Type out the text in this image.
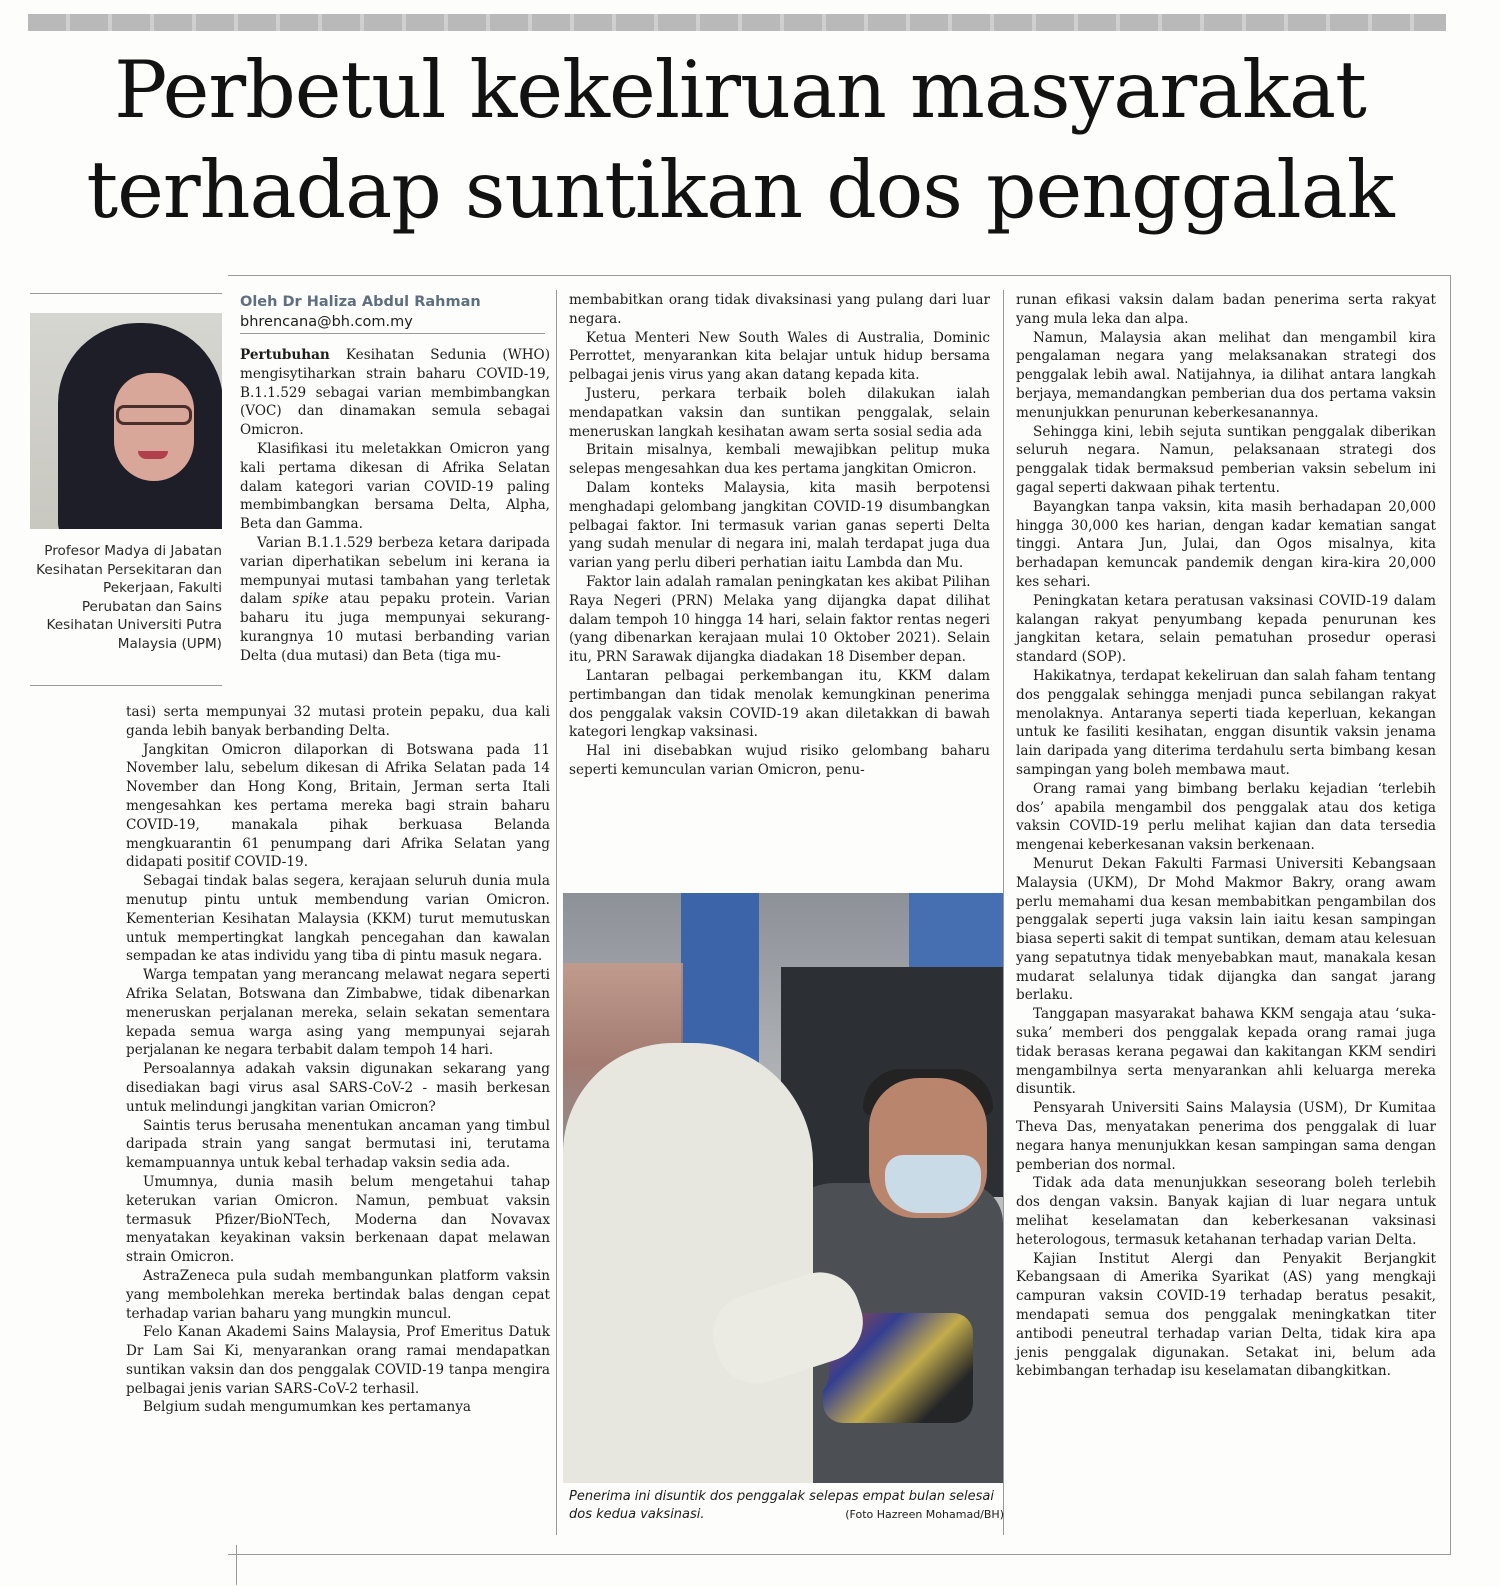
Perbetul kekeliruan masyarakat
terhadap suntikan dos penggalak

Profesor Madya di Jabatan Kesihatan Persekitaran dan Pekerjaan, Fakulti Perubatan dan Sains Kesihatan Universiti Putra Malaysia (UPM)

Oleh Dr Haliza Abdul Rahman
bhrencana@bh.com.my

Pertubuhan Kesihatan Sedunia (WHO) mengisytiharkan strain baharu COVID-19, B.1.1.529 sebagai varian membimbangkan (VOC) dan dinamakan semula sebagai Omicron.

Klasifikasi itu meletakkan Omicron yang kali pertama dikesan di Afrika Selatan dalam kategori varian COVID-19 paling membimbangkan bersama Delta, Alpha, Beta dan Gamma.

Varian B.1.1.529 berbeza ketara daripada varian diperhatikan sebelum ini kerana ia mempunyai mutasi tambahan yang terletak dalam spike atau pepaku protein. Varian baharu itu juga mempunyai sekurang-kurangnya 10 mutasi berbanding varian Delta (dua mutasi) dan Beta (tiga mu-

tasi) serta mempunyai 32 mutasi protein pepaku, dua kali ganda lebih banyak berbanding Delta.

Jangkitan Omicron dilaporkan di Botswana pada 11 November lalu, sebelum dikesan di Afrika Selatan pada 14 November dan Hong Kong, Britain, Jerman serta Itali mengesahkan kes pertama mereka bagi strain baharu COVID-19, manakala pihak berkuasa Belanda mengkuarantin 61 penumpang dari Afrika Selatan yang didapati positif COVID-19.

Sebagai tindak balas segera, kerajaan seluruh dunia mula menutup pintu untuk membendung varian Omicron. Kementerian Kesihatan Malaysia (KKM) turut memutuskan untuk mempertingkat langkah pencegahan dan kawalan sempadan ke atas individu yang tiba di pintu masuk negara.

Warga tempatan yang merancang melawat negara seperti Afrika Selatan, Botswana dan Zimbabwe, tidak dibenarkan meneruskan perjalanan mereka, selain sekatan sementara kepada semua warga asing yang mempunyai sejarah perjalanan ke negara terbabit dalam tempoh 14 hari.

Persoalannya adakah vaksin digunakan sekarang yang disediakan bagi virus asal SARS-CoV-2 - masih berkesan untuk melindungi jangkitan varian Omicron?

Saintis terus berusaha menentukan ancaman yang timbul daripada strain yang sangat bermutasi ini, terutama kemampuannya untuk kebal terhadap vaksin sedia ada.

Umumnya, dunia masih belum mengetahui tahap keterukan varian Omicron. Namun, pembuat vaksin termasuk Pfizer/BioNTech, Moderna dan Novavax menyatakan keyakinan vaksin berkenaan dapat melawan strain Omicron.

AstraZeneca pula sudah membangunkan platform vaksin yang membolehkan mereka bertindak balas dengan cepat terhadap varian baharu yang mungkin muncul.

Felo Kanan Akademi Sains Malaysia, Prof Emeritus Datuk Dr Lam Sai Ki, menyarankan orang ramai mendapatkan suntikan vaksin dan dos penggalak COVID-19 tanpa mengira pelbagai jenis varian SARS-CoV-2 terhasil.

Belgium sudah mengumumkan kes pertamanya

membabitkan orang tidak divaksinasi yang pulang dari luar negara.

Ketua Menteri New South Wales di Australia, Dominic Perrottet, menyarankan kita belajar untuk hidup bersama pelbagai jenis virus yang akan datang kepada kita.

Justeru, perkara terbaik boleh dilakukan ialah mendapatkan vaksin dan suntikan penggalak, selain meneruskan langkah kesihatan awam serta sosial sedia ada

Britain misalnya, kembali mewajibkan pelitup muka selepas mengesahkan dua kes pertama jangkitan Omicron.

Dalam konteks Malaysia, kita masih berpotensi menghadapi gelombang jangkitan COVID-19 disumbangkan pelbagai faktor. Ini termasuk varian ganas seperti Delta yang sudah menular di negara ini, malah terdapat juga dua varian yang perlu diberi perhatian iaitu Lambda dan Mu.

Faktor lain adalah ramalan peningkatan kes akibat Pilihan Raya Negeri (PRN) Melaka yang dijangka dapat dilihat dalam tempoh 10 hingga 14 hari, selain faktor rentas negeri (yang dibenarkan kerajaan mulai 10 Oktober 2021). Selain itu, PRN Sarawak dijangka diadakan 18 Disember depan.

Lantaran pelbagai perkembangan itu, KKM dalam pertimbangan dan tidak menolak kemungkinan penerima dos penggalak vaksin COVID-19 akan diletakkan di bawah kategori lengkap vaksinasi.

Hal ini disebabkan wujud risiko gelombang baharu seperti kemunculan varian Omicron, penu-

Penerima ini disuntik dos penggalak selepas empat bulan selesai dos kedua vaksinasi.	(Foto Hazreen Mohamad/BH)

runan efikasi vaksin dalam badan penerima serta rakyat yang mula leka dan alpa.

Namun, Malaysia akan melihat dan mengambil kira pengalaman negara yang melaksanakan strategi dos penggalak lebih awal. Natijahnya, ia dilihat antara langkah berjaya, memandangkan pemberian dua dos pertama vaksin menunjukkan penurunan keberkesanannya.

Sehingga kini, lebih sejuta suntikan penggalak diberikan seluruh negara. Namun, pelaksanaan strategi dos penggalak tidak bermaksud pemberian vaksin sebelum ini gagal seperti dakwaan pihak tertentu.

Bayangkan tanpa vaksin, kita masih berhadapan 20,000 hingga 30,000 kes harian, dengan kadar kematian sangat tinggi. Antara Jun, Julai, dan Ogos misalnya, kita berhadapan kemuncak pandemik dengan kira-kira 20,000 kes sehari.

Peningkatan ketara peratusan vaksinasi COVID-19 dalam kalangan rakyat penyumbang kepada penurunan kes jangkitan ketara, selain pematuhan prosedur operasi standard (SOP).

Hakikatnya, terdapat kekeliruan dan salah faham tentang dos penggalak sehingga menjadi punca sebilangan rakyat menolaknya. Antaranya seperti tiada keperluan, kekangan untuk ke fasiliti kesihatan, enggan disuntik vaksin jenama lain daripada yang diterima terdahulu serta bimbang kesan sampingan yang boleh membawa maut.

Orang ramai yang bimbang berlaku kejadian ‘terlebih dos’ apabila mengambil dos penggalak atau dos ketiga vaksin COVID-19 perlu melihat kajian dan data tersedia mengenai keberkesanan vaksin berkenaan.

Menurut Dekan Fakulti Farmasi Universiti Kebangsaan Malaysia (UKM), Dr Mohd Makmor Bakry, orang awam perlu memahami dua kesan membabitkan pengambilan dos penggalak seperti juga vaksin lain iaitu kesan sampingan biasa seperti sakit di tempat suntikan, demam atau kelesuan yang sepatutnya tidak menyebabkan maut, manakala kesan mudarat selalunya tidak dijangka dan sangat jarang berlaku.

Tanggapan masyarakat bahawa KKM sengaja atau ‘suka-suka’ memberi dos penggalak kepada orang ramai juga tidak berasas kerana pegawai dan kakitangan KKM sendiri mengambilnya serta menyarankan ahli keluarga mereka disuntik.

Pensyarah Universiti Sains Malaysia (USM), Dr Kumitaa Theva Das, menyatakan penerima dos penggalak di luar negara hanya menunjukkan kesan sampingan sama dengan pemberian dos normal.

Tidak ada data menunjukkan seseorang boleh terlebih dos dengan vaksin. Banyak kajian di luar negara untuk melihat keselamatan dan keberkesanan vaksinasi heterologous, termasuk ketahanan terhadap varian Delta.

Kajian Institut Alergi dan Penyakit Berjangkit Kebangsaan di Amerika Syarikat (AS) yang mengkaji campuran vaksin COVID-19 terhadap beratus pesakit, mendapati semua dos penggalak meningkatkan titer antibodi peneutral terhadap varian Delta, tidak kira apa jenis penggalak digunakan. Setakat ini, belum ada kebimbangan terhadap isu keselamatan dibangkitkan.
